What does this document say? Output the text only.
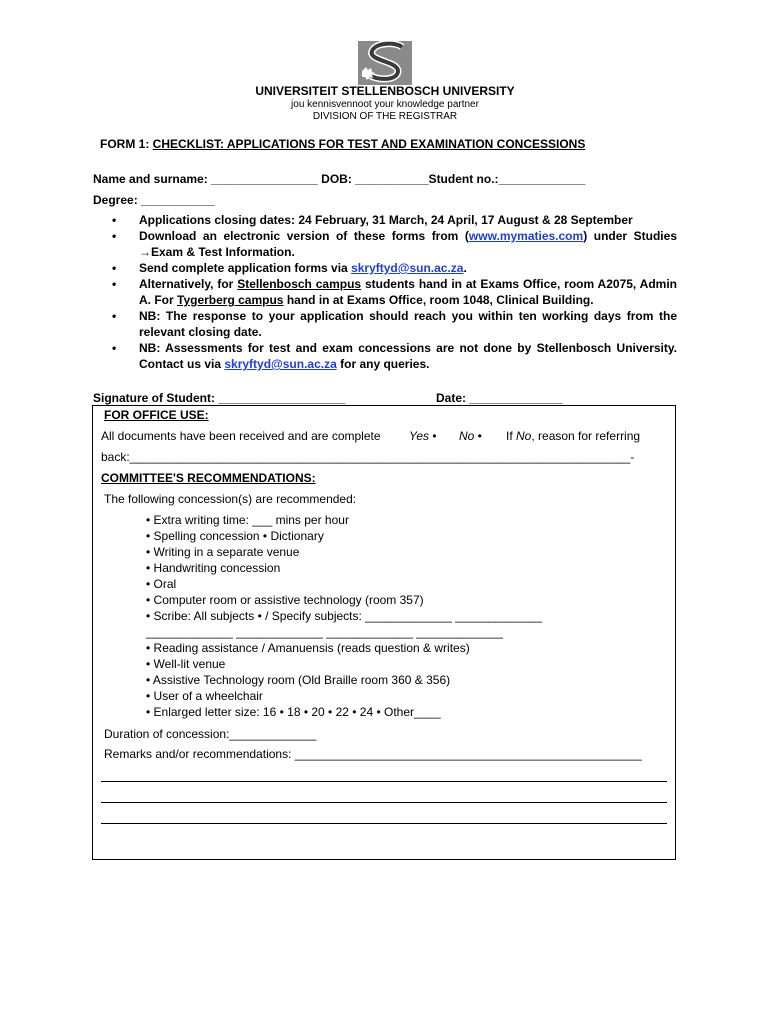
UNIVERSITEIT STELLENBOSCH UNIVERSITY
jou kennisvennoot your knowledge partner
DIVISION OF THE REGISTRAR
FORM 1: CHECKLIST: APPLICATIONS FOR TEST AND EXAMINATION CONCESSIONS
Name and surname: ________________ DOB: ___________Student no.:_____________
Degree: ___________
• Applications closing dates: 24 February, 31 March, 24 April, 17 August & 28 September
• Download an electronic version of these forms from (www.mymaties.com) under Studies →Exam & Test Information.
• Send complete application forms via skryftyd@sun.ac.za.
• Alternatively, for Stellenbosch campus students hand in at Exams Office, room A2075, Admin A. For Tygerberg campus hand in at Exams Office, room 1048, Clinical Building.
• NB: The response to your application should reach you within ten working days from the relevant closing date.
• NB: Assessments for test and exam concessions are not done by Stellenbosch University. Contact us via skryftyd@sun.ac.za for any queries.
Signature of Student: ___________________	Date: ______________
FOR OFFICE USE:
All documents have been received and are complete Yes • No • If No, reason for referring
back:___________________________________________________________________________-
COMMITTEE'S RECOMMENDATIONS:
The following concession(s) are recommended:
• Extra writing time: ___ mins per hour
• Spelling concession • Dictionary
• Writing in a separate venue
• Handwriting concession
• Oral
• Computer room or assistive technology (room 357)
• Scribe: All subjects • / Specify subjects: _____________ _____________
_____________ _____________ _____________ _____________
• Reading assistance / Amanuensis (reads question & writes)
• Well-lit venue
• Assistive Technology room (Old Braille room 360 & 356)
• User of a wheelchair
• Enlarged letter size: 16 • 18 • 20 • 22 • 24 • Other____
Duration of concession:_____________
Remarks and/or recommendations: ____________________________________________________
